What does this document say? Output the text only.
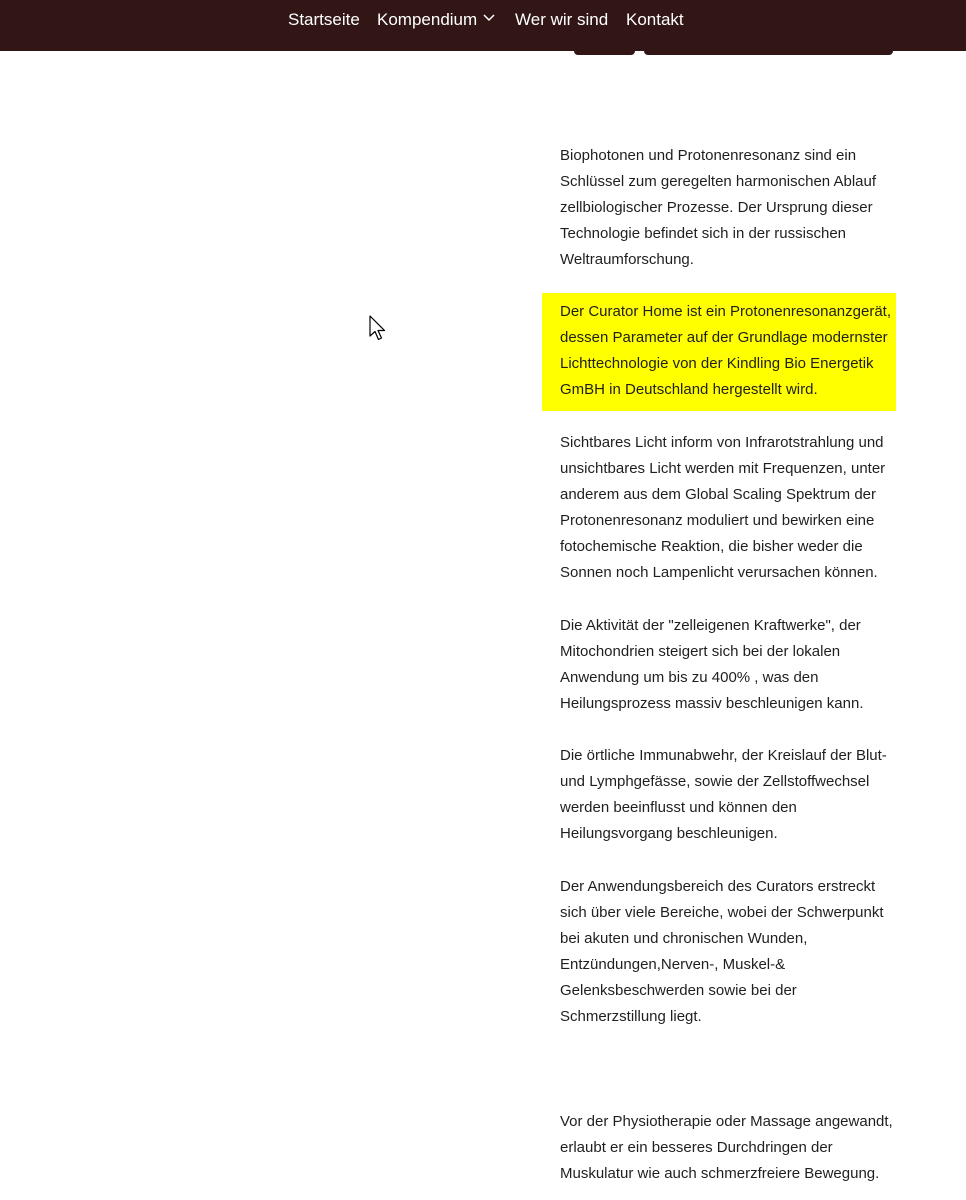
Startseite Kompendium	Wer wir sind Kontakt

Biophotonen und Protonenresonanz sind ein Schlüssel zum geregelten harmonischen Ablauf zellbiologischer Prozesse. Der Ursprung dieser Technologie befindet sich in der russischen Weltraumforschung.

Der Curator Home ist ein Protonenresonanzgerät, dessen Parameter auf der Grundlage modernster Lichttechnologie von der Kindling Bio Energetik GmBH in Deutschland hergestellt wird.

Sichtbares Licht inform von Infrarotstrahlung und unsichtbares Licht werden mit Frequenzen, unter anderem aus dem Global Scaling Spektrum der Protonenresonanz moduliert und bewirken eine fotochemische Reaktion, die bisher weder die Sonnen noch Lampenlicht verursachen können.

Die Aktivität der "zelleigenen Kraftwerke", der Mitochondrien steigert sich bei der lokalen Anwendung um bis zu 400% , was den Heilungsprozess massiv beschleunigen kann.

Die örtliche Immunabwehr, der Kreislauf der Blut- und Lymphgefässe, sowie der Zellstoffwechsel werden beeinflusst und können den Heilungsvorgang beschleunigen.

Der Anwendungsbereich des Curators erstreckt sich über viele Bereiche, wobei der Schwerpunkt bei akuten und chronischen Wunden, Entzündungen,Nerven-, Muskel-& Gelenksbeschwerden sowie bei der Schmerzstillung liegt.

Vor der Physiotherapie oder Massage angewandt, erlaubt er ein besseres Durchdringen der Muskulatur wie auch schmerzfreiere Bewegung.
